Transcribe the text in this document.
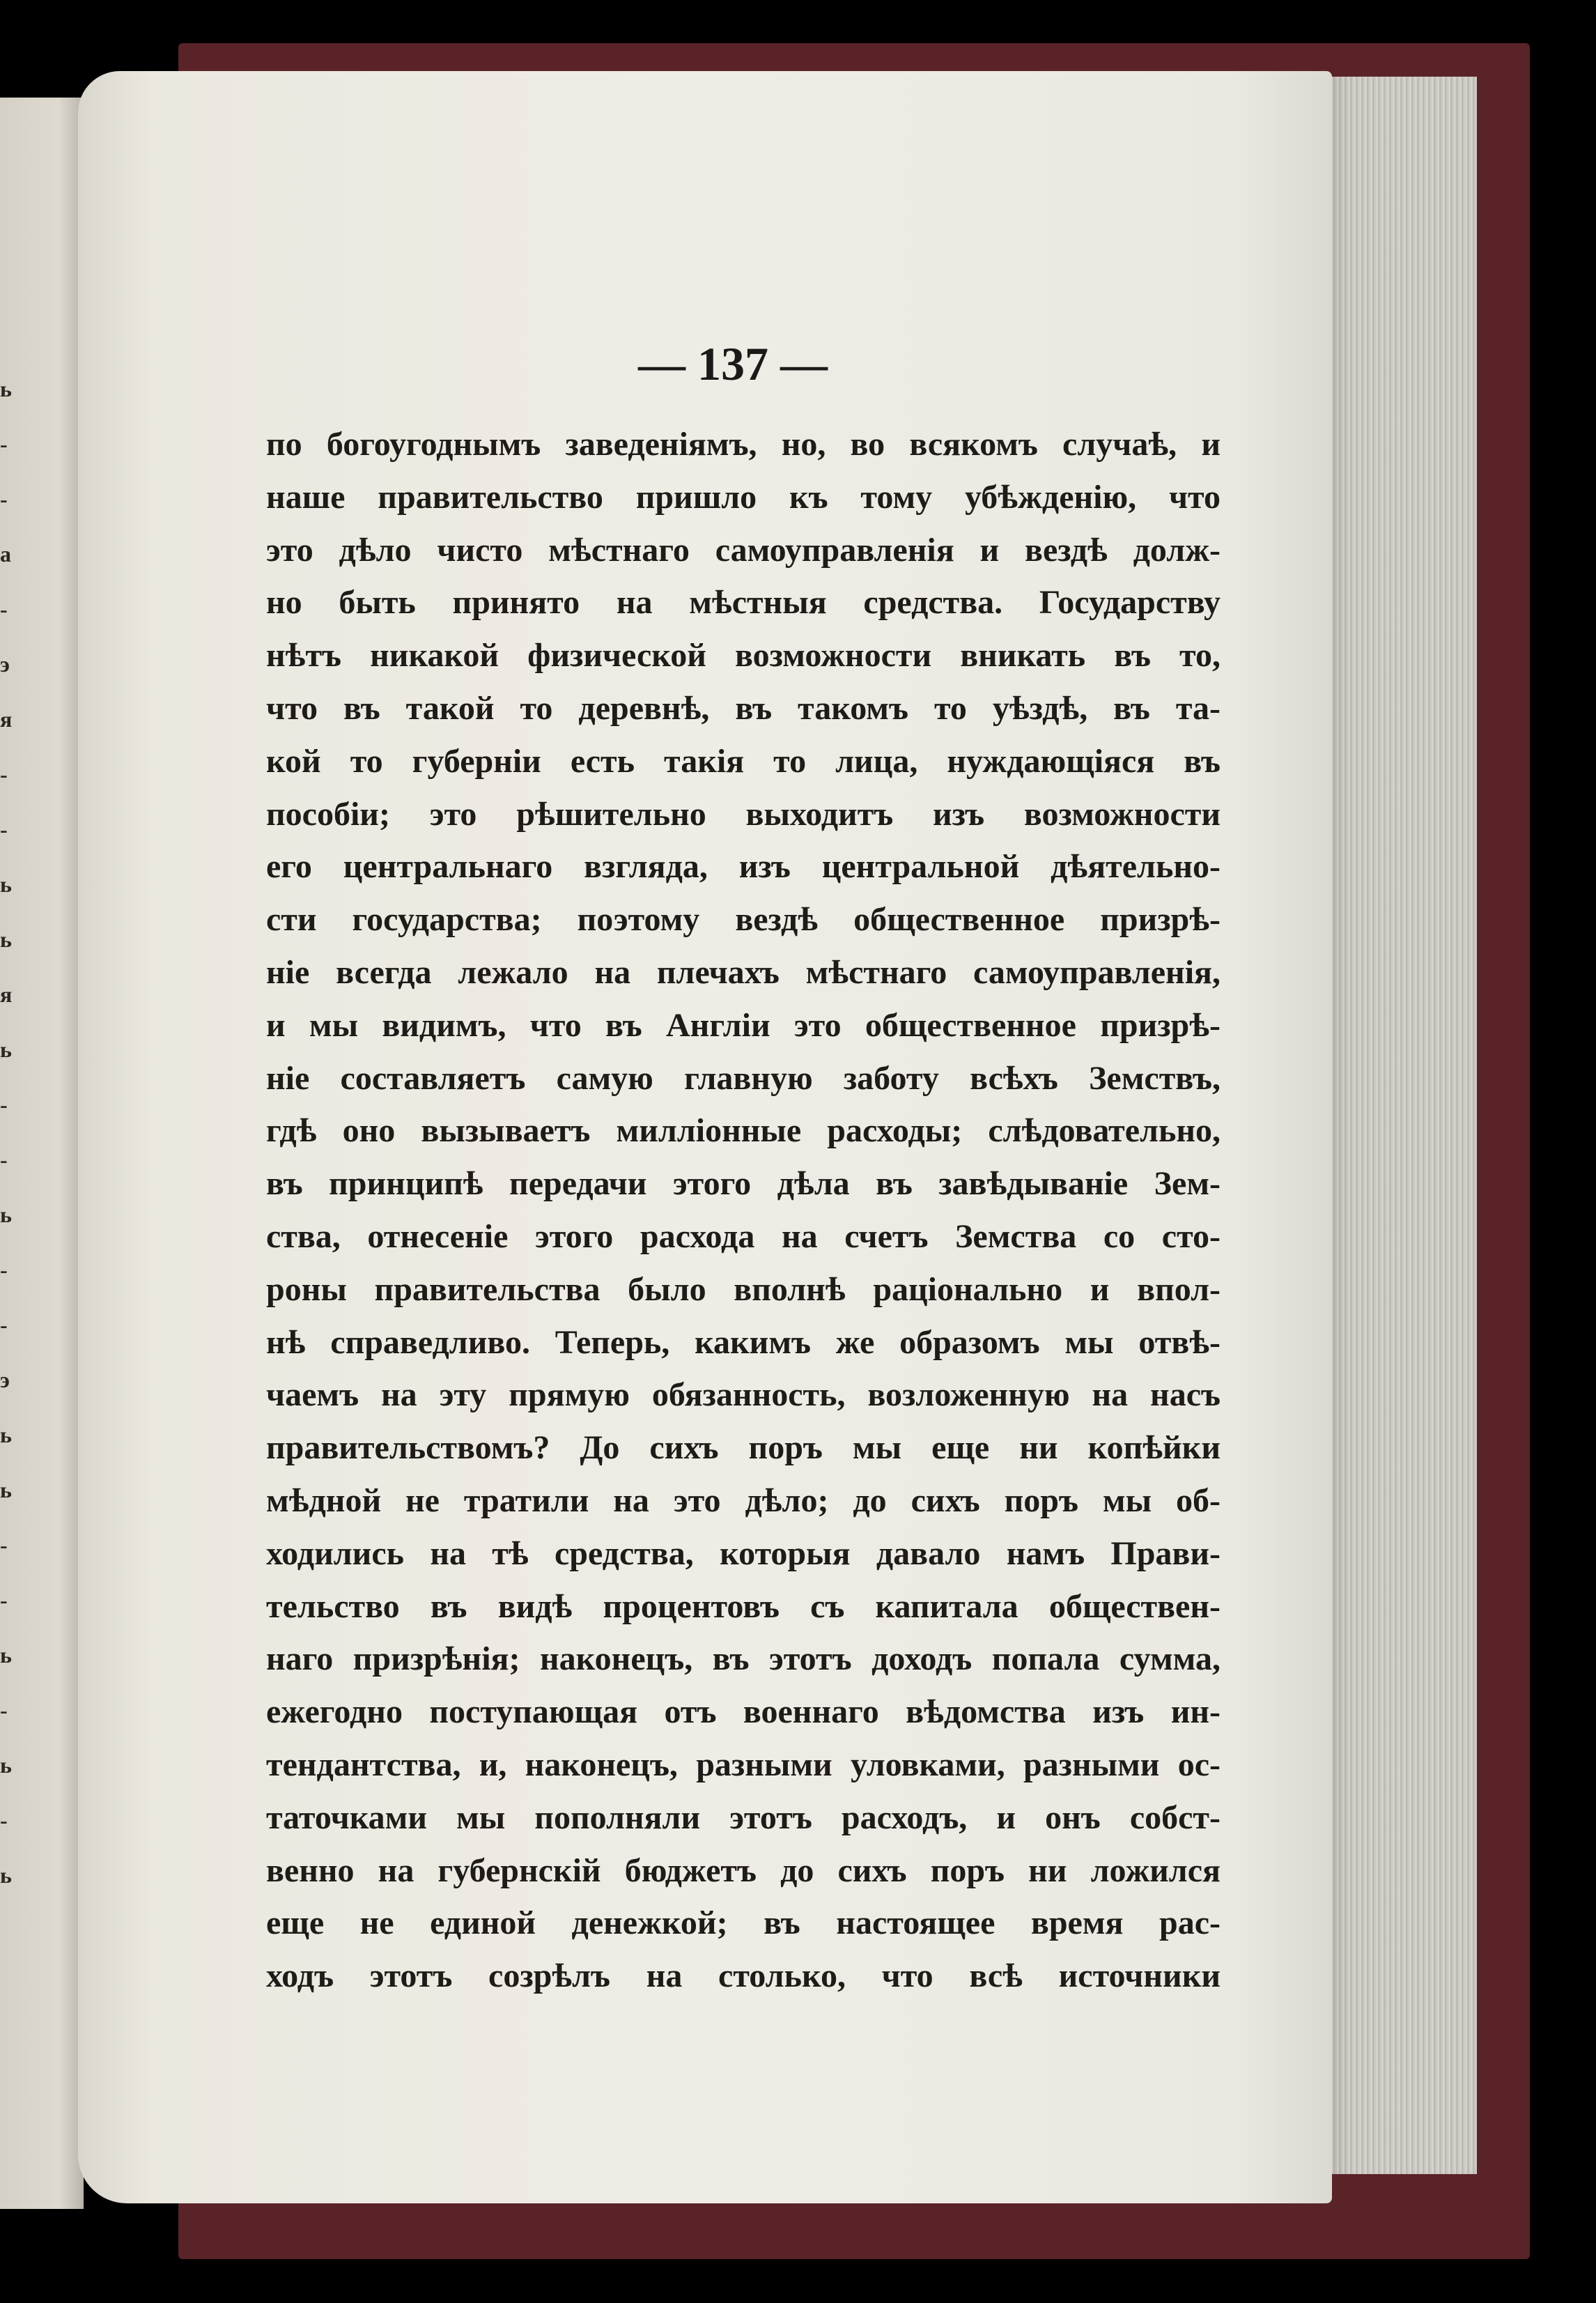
ь
-
-
а
-
э
я
-
-
ь
ь
я
ь
-
-
ь
-
-
э
ь
ь
-
-
ь
-
ь
-
ь
— 137 —
по богоугоднымъ заведеніямъ, но, во всякомъ случаѣ, и
наше правительство пришло къ тому убѣжденію, что
это дѣло чисто мѣстнаго самоуправленія и вездѣ долж-
но быть принято на мѣстныя средства. Государству
нѣтъ никакой физической возможности вникать въ то,
что въ такой то деревнѣ, въ такомъ то уѣздѣ, въ та-
кой то губерніи есть такія то лица, нуждающіяся въ
пособіи; это рѣшительно выходитъ изъ возможности
его центральнаго взгляда, изъ центральной дѣятельно-
сти государства; поэтому вездѣ общественное призрѣ-
ніе всегда лежало на плечахъ мѣстнаго самоуправленія,
и мы видимъ, что въ Англіи это общественное призрѣ-
ніе составляетъ самую главную заботу всѣхъ Земствъ,
гдѣ оно вызываетъ милліонные расходы; слѣдовательно,
въ принципѣ передачи этого дѣла въ завѣдываніе Зем-
ства, отнесеніе этого расхода на счетъ Земства со сто-
роны правительства было вполнѣ раціонально и впол-
нѣ справедливо. Теперь, какимъ же образомъ мы отвѣ-
чаемъ на эту прямую обязанность, возложенную на насъ
правительствомъ? До сихъ поръ мы еще ни копѣйки
мѣдной не тратили на это дѣло; до сихъ поръ мы об-
ходились на тѣ средства, которыя давало намъ Прави-
тельство въ видѣ процентовъ съ капитала обществен-
наго призрѣнія; наконецъ, въ этотъ доходъ попала сумма,
ежегодно поступающая отъ военнаго вѣдомства изъ ин-
тендантства, и, наконецъ, разными уловками, разными ос-
таточками мы пополняли этотъ расходъ, и онъ собст-
венно на губернскій бюджетъ до сихъ поръ ни ложился
еще не единой денежкой; въ настоящее время рас-
ходъ этотъ созрѣлъ на столько, что всѣ источники
